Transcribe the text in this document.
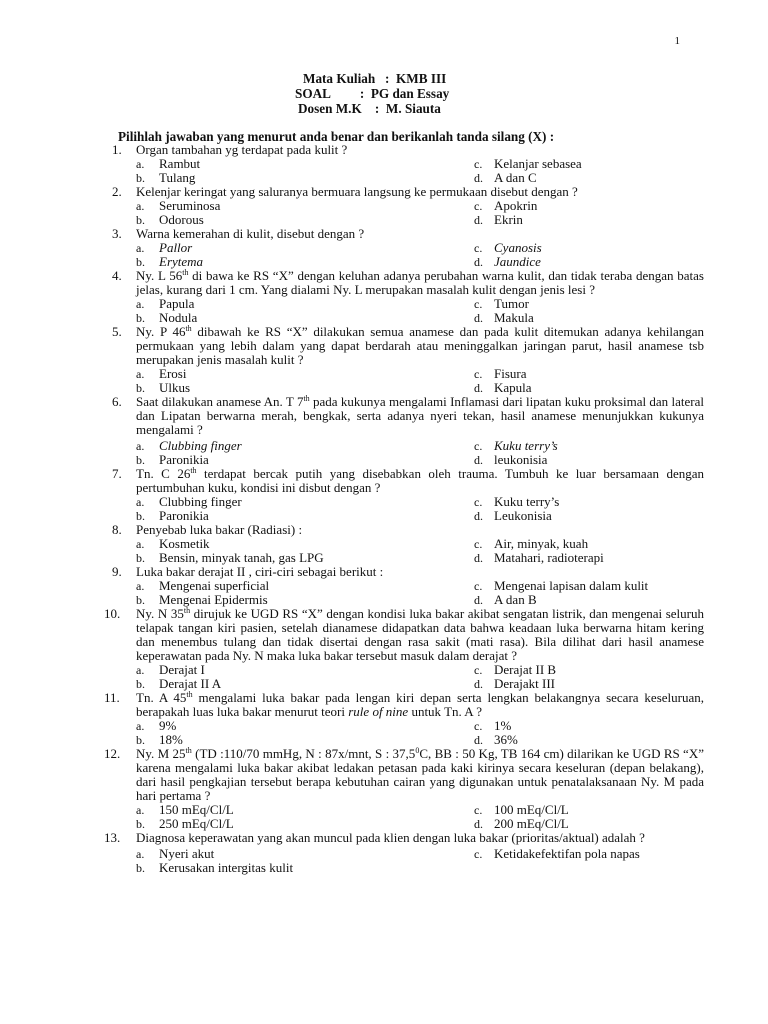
1
Mata Kuliah   :  KMB III
SOAL         :  PG dan Essay
Dosen M.K    :  M. Siauta
Pilihlah jawaban yang menurut anda benar dan berikanlah tanda silang (X) :
1.	Organ tambahan yg terdapat pada kulit ?
a.	Rambut	c. Kelanjar sebasea
b.	Tulang	d. A dan C
2.	Kelenjar keringat yang saluranya bermuara langsung ke permukaan disebut dengan ?
a.	Seruminosa	c. Apokrin
b.	Odorous	d. Ekrin
3.	Warna kemerahan di kulit, disebut dengan ?
a.	Pallor	c. Cyanosis
b.	Erytema	d. Jaundice
4.	Ny. L 56th di bawa ke RS “X” dengan keluhan adanya perubahan warna kulit, dan tidak teraba dengan batas jelas, kurang dari 1 cm. Yang dialami Ny. L merupakan masalah kulit dengan jenis lesi ?
a.	Papula	c. Tumor
b.	Nodula	d. Makula
5.	Ny. P 46th dibawah ke RS “X” dilakukan semua anamese dan pada kulit ditemukan adanya kehilangan permukaan yang lebih dalam yang dapat berdarah atau meninggalkan jaringan parut, hasil anamese tsb merupakan jenis masalah kulit ?
a.	Erosi	c. Fisura
b.	Ulkus	d. Kapula
6.	Saat dilakukan anamese An. T 7th pada kukunya mengalami Inflamasi dari lipatan kuku proksimal dan lateral dan Lipatan berwarna merah, bengkak, serta adanya nyeri tekan, hasil anamese menunjukkan kukunya mengalami ?
a.	Clubbing finger	c. Kuku terry’s
b.	Paronikia	d. leukonisia
7.	Tn. C 26th terdapat bercak putih yang disebabkan oleh trauma. Tumbuh ke luar bersamaan dengan pertumbuhan kuku, kondisi ini disbut dengan ?
a.	Clubbing finger	c. Kuku terry’s
b.	Paronikia	d. Leukonisia
8.	Penyebab luka bakar (Radiasi) :
a.	Kosmetik	c. Air, minyak, kuah
b.	Bensin, minyak tanah, gas LPG	d. Matahari, radioterapi
9.	Luka bakar derajat II , ciri-ciri sebagai berikut :
a.	Mengenai superficial	c. Mengenai lapisan dalam kulit
b.	Mengenai Epidermis	d. A dan B
10. Ny. N 35th dirujuk ke UGD RS “X” dengan kondisi luka bakar akibat sengatan listrik, dan mengenai seluruh telapak tangan kiri pasien, setelah dianamese didapatkan data bahwa keadaan luka berwarna hitam kering dan menembus tulang dan tidak disertai dengan rasa sakit (mati rasa). Bila dilihat dari hasil anamese keperawatan pada Ny. N maka luka bakar tersebut masuk dalam derajat ?
a.	Derajat I	c. Derajat II B
b.	Derajat II A	d. Derajakt III
11.	Tn. A 45th mengalami luka bakar pada lengan kiri depan serta lengkan belakangnya secara keseluruan, berapakah luas luka bakar menurut teori rule of nine untuk Tn. A ?
a.	9%	c. 1%
b.	18%	d. 36%
12. Ny. M 25th (TD :110/70 mmHg, N : 87x/mnt, S : 37,5$^0$C, BB : 50 Kg, TB 164 cm) dilarikan ke UGD RS “X” karena mengalami luka bakar akibat ledakan petasan pada kaki kirinya secara keseluran (depan belakang), dari hasil pengkajian tersebut berapa kebutuhan cairan yang digunakan untuk penatalaksanaan Ny. M pada hari pertama ?
a.	150 mEq/Cl/L	c. 100 mEq/Cl/L
b.	250 mEq/Cl/L	d. 200 mEq/Cl/L
13. Diagnosa keperawatan yang akan muncul pada klien dengan luka bakar (prioritas/aktual) adalah ?
a.	Nyeri akut	c. Ketidakefektifan pola napas
b.	Kerusakan intergitas kulit
